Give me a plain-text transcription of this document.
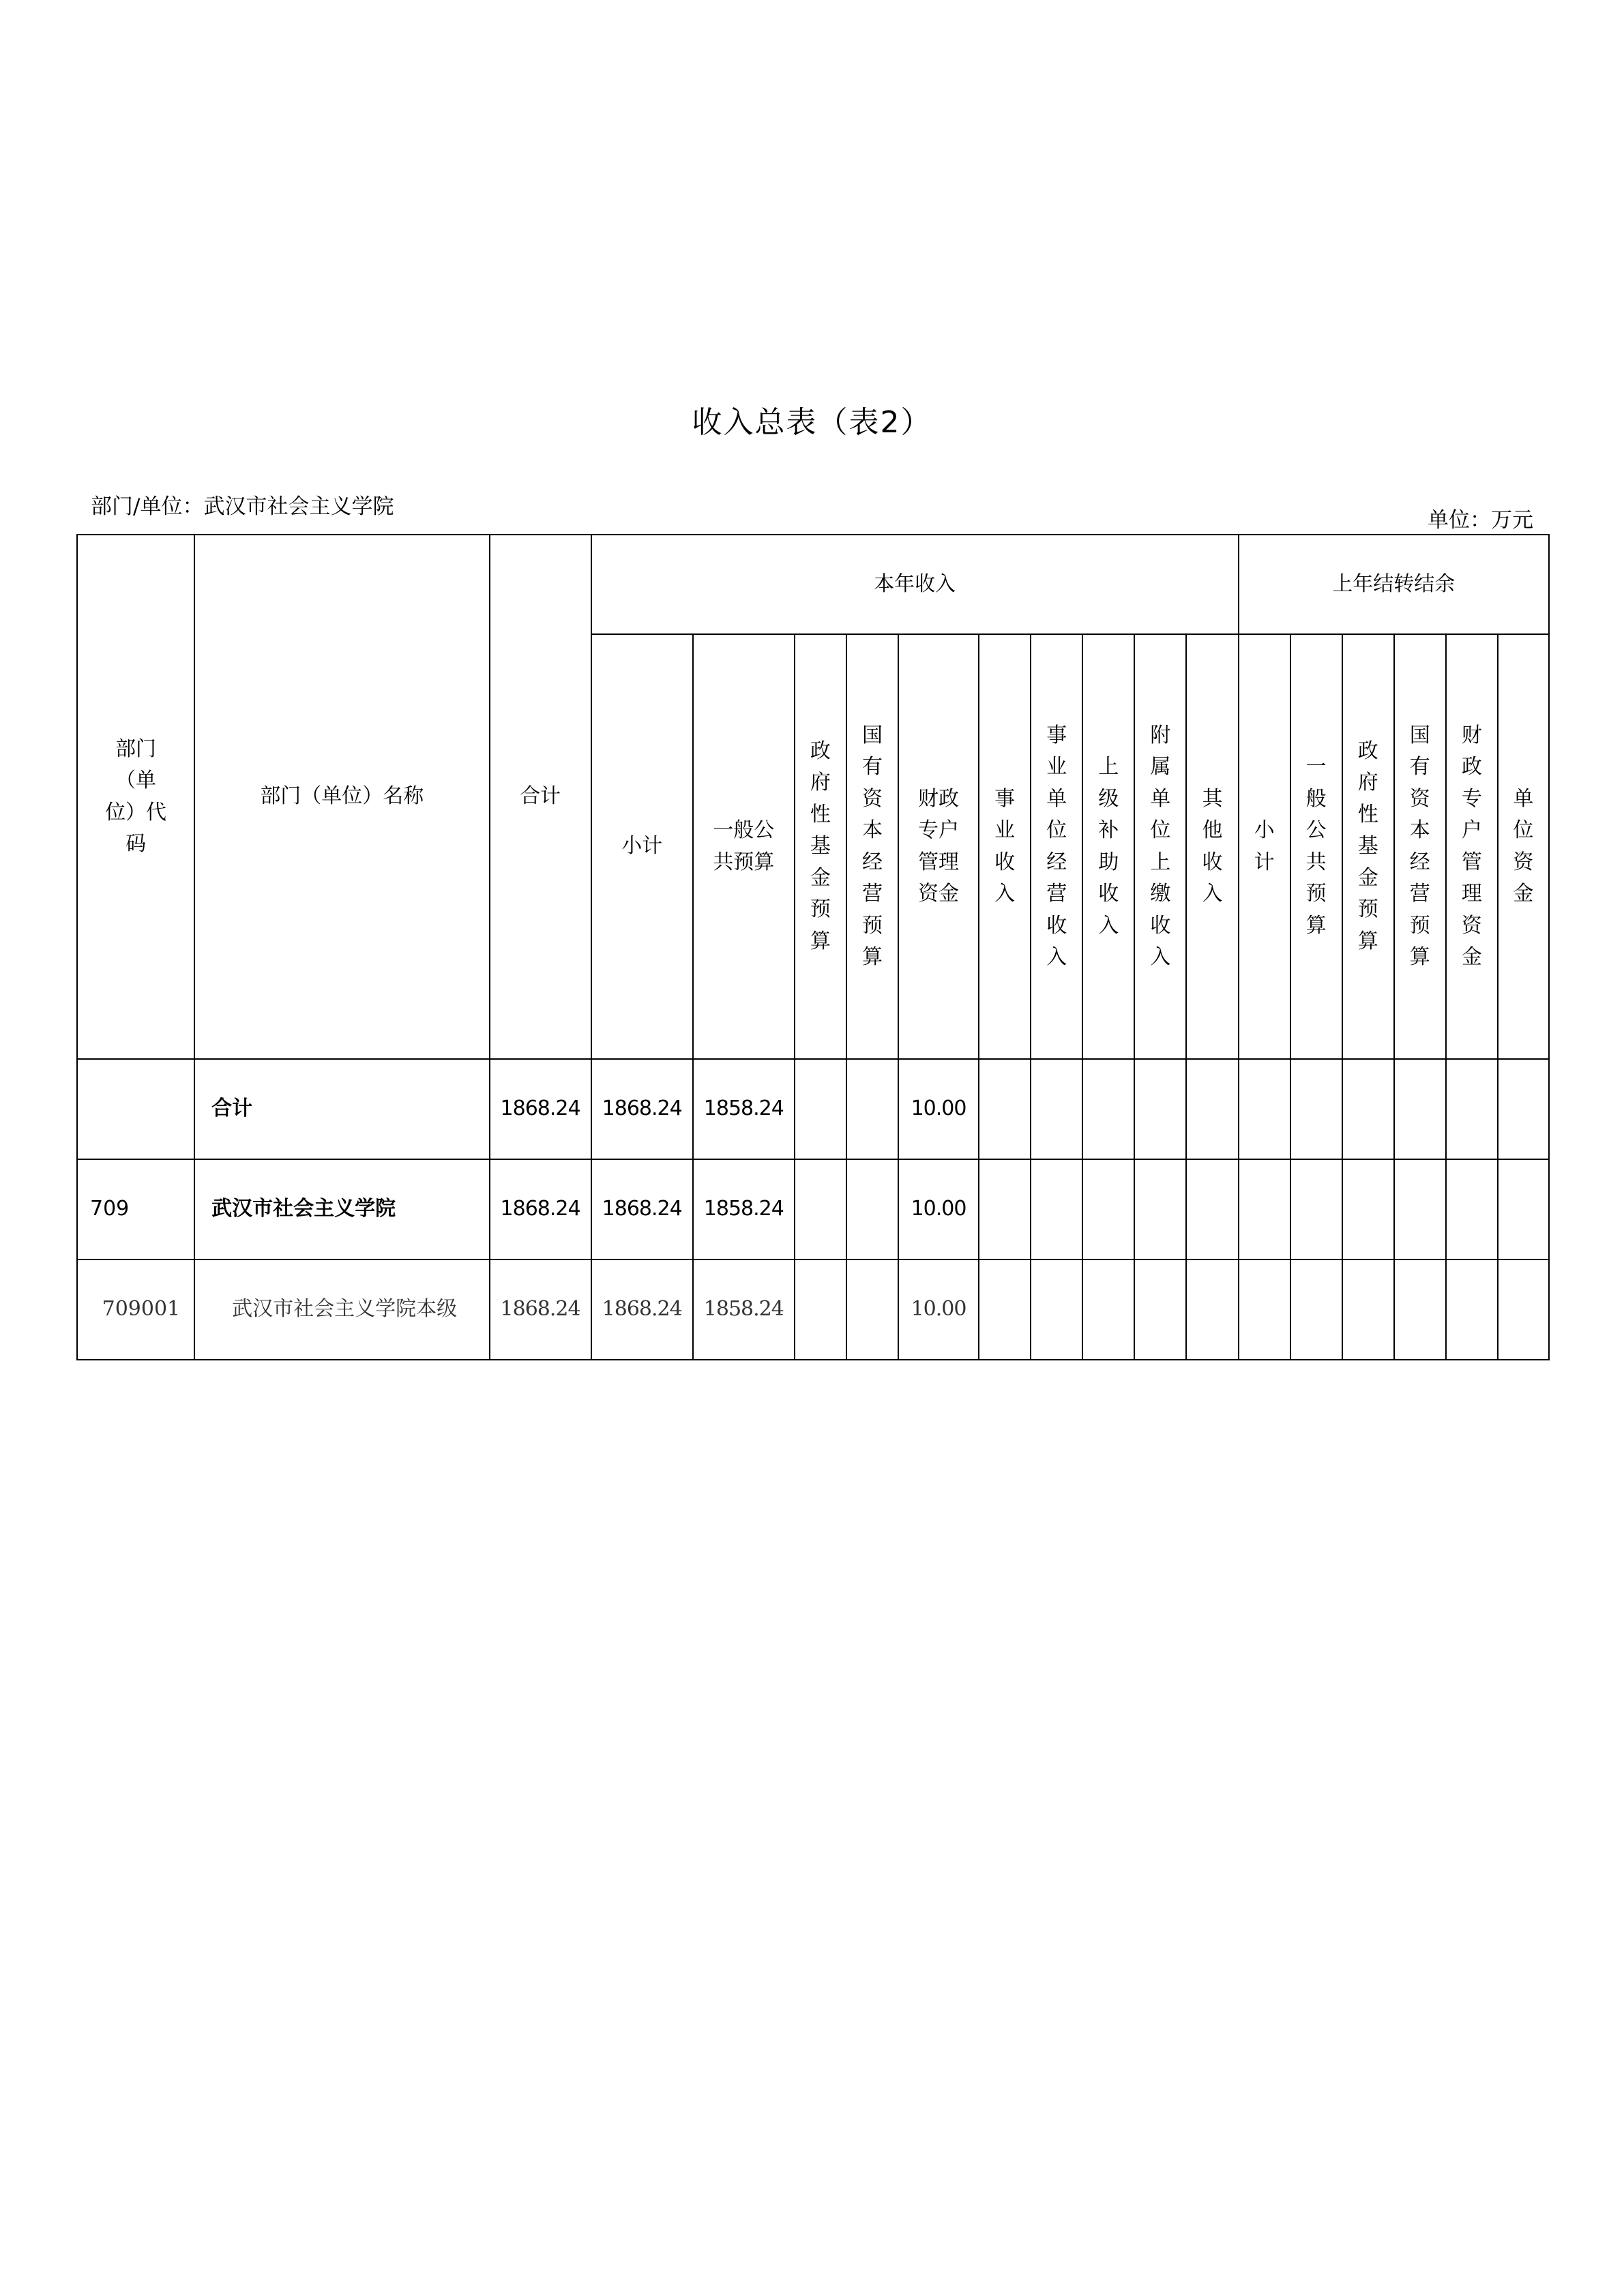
收入总表（表2）
部门/单位：武汉市社会主义学院
单位：万元
部门（单位）代码	部门（单位）名称	合计	本年收入										上年结转结余					
			小计	一般公共预算	政府性基金预算	国有资本经营预算	财政专户管理资金	事业收入	事业单位经营收入	上级补助收入	附属单位上缴收入	其他收入	小计	一般公共预算	政府性基金预算	国有资本经营预算	财政专户管理资金	单位资金
	合计	1868.24	1868.24	1858.24			10.00											
709	武汉市社会主义学院	1868.24	1868.24	1858.24			10.00											
709001	武汉市社会主义学院本级	1868.24	1868.24	1858.24			10.00											
